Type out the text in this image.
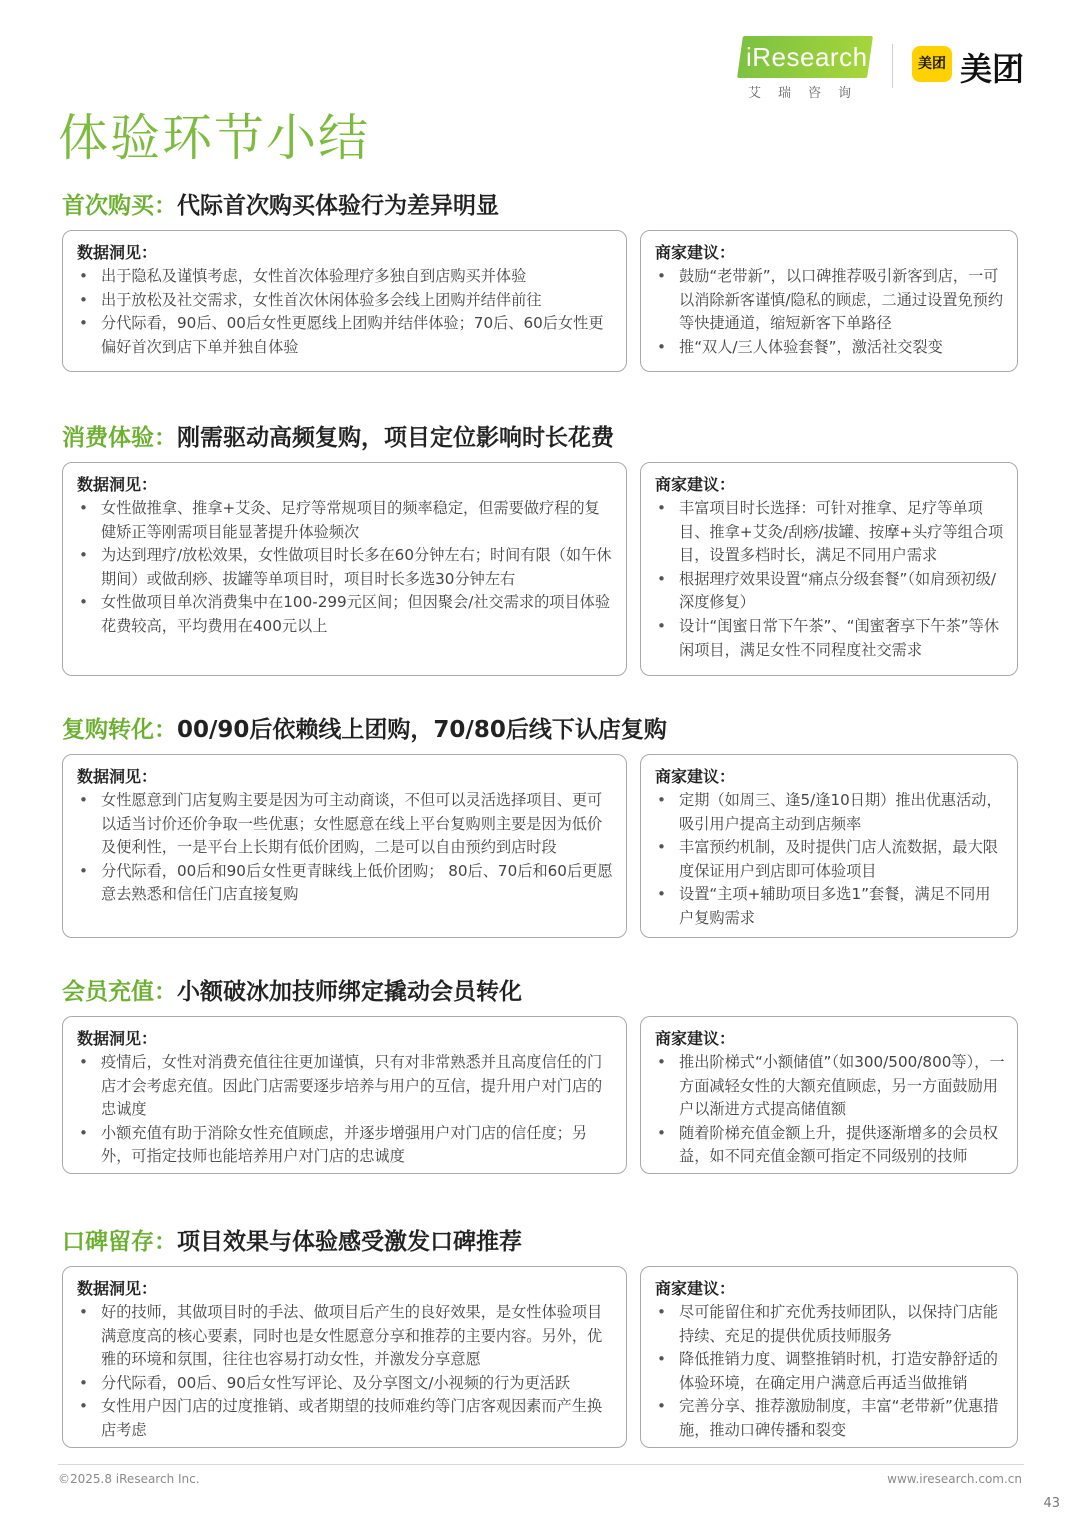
iResearch
艾瑞咨询
美团 美团
体验环节小结
首次购买：代际首次购买体验行为差异明显
数据洞见：
• 出于隐私及谨慎考虑，女性首次体验理疗多独自到店购买并体验
• 出于放松及社交需求，女性首次休闲体验多会线上团购并结伴前往
• 分代际看，90后、00后女性更愿线上团购并结伴体验；70后、60后女性更偏好首次到店下单并独自体验
商家建议：
• 鼓励“老带新”，以口碑推荐吸引新客到店，一可以消除新客谨慎/隐私的顾虑，二通过设置免预约等快捷通道，缩短新客下单路径
• 推“双人/三人体验套餐”，激活社交裂变
消费体验：刚需驱动高频复购，项目定位影响时长花费
数据洞见：
• 女性做推拿、推拿+艾灸、足疗等常规项目的频率稳定，但需要做疗程的复健矫正等刚需项目能显著提升体验频次
• 为达到理疗/放松效果，女性做项目时长多在60分钟左右；时间有限（如午休期间）或做刮痧、拔罐等单项目时，项目时长多选30分钟左右
• 女性做项目单次消费集中在100-299元区间；但因聚会/社交需求的项目体验花费较高，平均费用在400元以上
商家建议：
• 丰富项目时长选择：可针对推拿、足疗等单项目、推拿+艾灸/刮痧/拔罐、按摩+头疗等组合项目，设置多档时长，满足不同用户需求
• 根据理疗效果设置“痛点分级套餐”（如肩颈初级/深度修复）
• 设计“闺蜜日常下午茶”、“闺蜜奢享下午茶”等休闲项目，满足女性不同程度社交需求
复购转化：00/90后依赖线上团购，70/80后线下认店复购
数据洞见：
• 女性愿意到门店复购主要是因为可主动商谈，不但可以灵活选择项目、更可以适当讨价还价争取一些优惠；女性愿意在线上平台复购则主要是因为低价及便利性，一是平台上长期有低价团购，二是可以自由预约到店时段
• 分代际看，00后和90后女性更青睐线上低价团购； 80后、70后和60后更愿意去熟悉和信任门店直接复购
商家建议：
• 定期（如周三、逢5/逢10日期）推出优惠活动，吸引用户提高主动到店频率
• 丰富预约机制，及时提供门店人流数据，最大限度保证用户到店即可体验项目
• 设置“主项+辅助项目多选1”套餐，满足不同用户复购需求
会员充值：小额破冰加技师绑定撬动会员转化
数据洞见：
• 疫情后，女性对消费充值往往更加谨慎，只有对非常熟悉并且高度信任的门店才会考虑充值。因此门店需要逐步培养与用户的互信，提升用户对门店的忠诚度
• 小额充值有助于消除女性充值顾虑，并逐步增强用户对门店的信任度；另外，可指定技师也能培养用户对门店的忠诚度
商家建议：
• 推出阶梯式“小额储值”（如300/500/800等），一方面减轻女性的大额充值顾虑，另一方面鼓励用户以渐进方式提高储值额
• 随着阶梯充值金额上升，提供逐渐增多的会员权益，如不同充值金额可指定不同级别的技师
口碑留存：项目效果与体验感受激发口碑推荐
数据洞见：
• 好的技师，其做项目时的手法、做项目后产生的良好效果，是女性体验项目满意度高的核心要素，同时也是女性愿意分享和推荐的主要内容。另外，优雅的环境和氛围，往往也容易打动女性，并激发分享意愿
• 分代际看，00后、90后女性写评论、及分享图文/小视频的行为更活跃
• 女性用户因门店的过度推销、或者期望的技师难约等门店客观因素而产生换店考虑
商家建议：
• 尽可能留住和扩充优秀技师团队，以保持门店能持续、充足的提供优质技师服务
• 降低推销力度、调整推销时机，打造安静舒适的体验环境，在确定用户满意后再适当做推销
• 完善分享、推荐激励制度，丰富“老带新”优惠措施，推动口碑传播和裂变
©2025.8 iResearch Inc.	www.iresearch.com.cn
43
